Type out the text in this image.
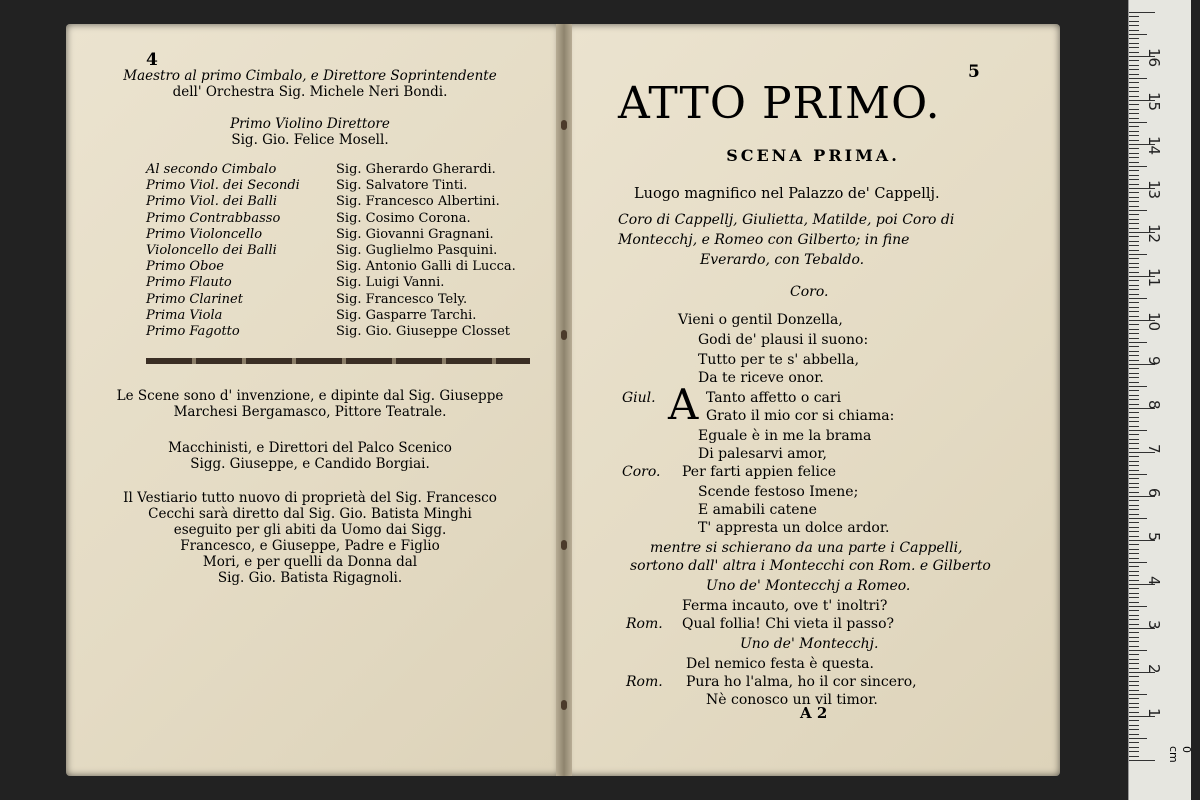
4
Maestro al primo Cimbalo, e Direttore Soprintendente
dell' Orchestra Sig. Michele Neri Bondi.
Primo Violino Direttore
Sig. Gio. Felice Mosell.
Al secondo Cimbalo	Sig. Gherardo Gherardi.
Primo Viol. dei Secondi	Sig. Salvatore Tinti.
Primo Viol. dei Balli	Sig. Francesco Albertini.
Primo Contrabbasso	Sig. Cosimo Corona.
Primo Violoncello	Sig. Giovanni Gragnani.
Violoncello dei Balli	Sig. Guglielmo Pasquini.
Primo Oboe	Sig. Antonio Galli di Lucca.
Primo Flauto	Sig. Luigi Vanni.
Primo Clarinet	Sig. Francesco Tely.
Prima Viola	Sig. Gasparre Tarchi.
Primo Fagotto	Sig. Gio. Giuseppe Closset
Le Scene sono d' invenzione, e dipinte dal Sig. Giuseppe
Marchesi Bergamasco, Pittore Teatrale.
Macchinisti, e Direttori del Palco Scenico
Sigg. Giuseppe, e Candido Borgiai.
Il Vestiario tutto nuovo di proprietà del Sig. Francesco
Cecchi sarà diretto dal Sig. Gio. Batista Minghi
eseguito per gli abiti da Uomo dai Sigg.
Francesco, e Giuseppe, Padre e Figlio
Mori, e per quelli da Donna dal
Sig. Gio. Batista Rigagnoli.
5
ATTO PRIMO.
SCENA PRIMA.
Luogo magnifico nel Palazzo de' Cappellj.
Coro di Cappellj, Giulietta, Matilde, poi Coro di
Montecchj, e Romeo con Gilberto; in fine
Everardo, con Tebaldo.
Coro.
Vieni o gentil Donzella,
Godi de' plausi il suono:
Tutto per te s' abbella,
Da te riceve onor.
Giul. A Tanto affetto o cari
Grato il mio cor si chiama:
Eguale è in me la brama
Di palesarvi amor,
Coro. Per farti appien felice
Scende festoso Imene;
E amabili catene
T' appresta un dolce ardor.
mentre si schierano da una parte i Cappelli,
sortono dall' altra i Montecchi con Rom. e Gilberto
Uno de' Montecchj a Romeo.
Ferma incauto, ove t' inoltri?
Rom. Qual follia! Chi vieta il passo?
Uno de' Montecchj.
Del nemico festa è questa.
Rom. Pura ho l'alma, ho il cor sincero,
Nè conosco un vil timor.
A 2
0 cm
16
15
14
13
12
11
10
9
8
7
6
5
4
3
2
1
